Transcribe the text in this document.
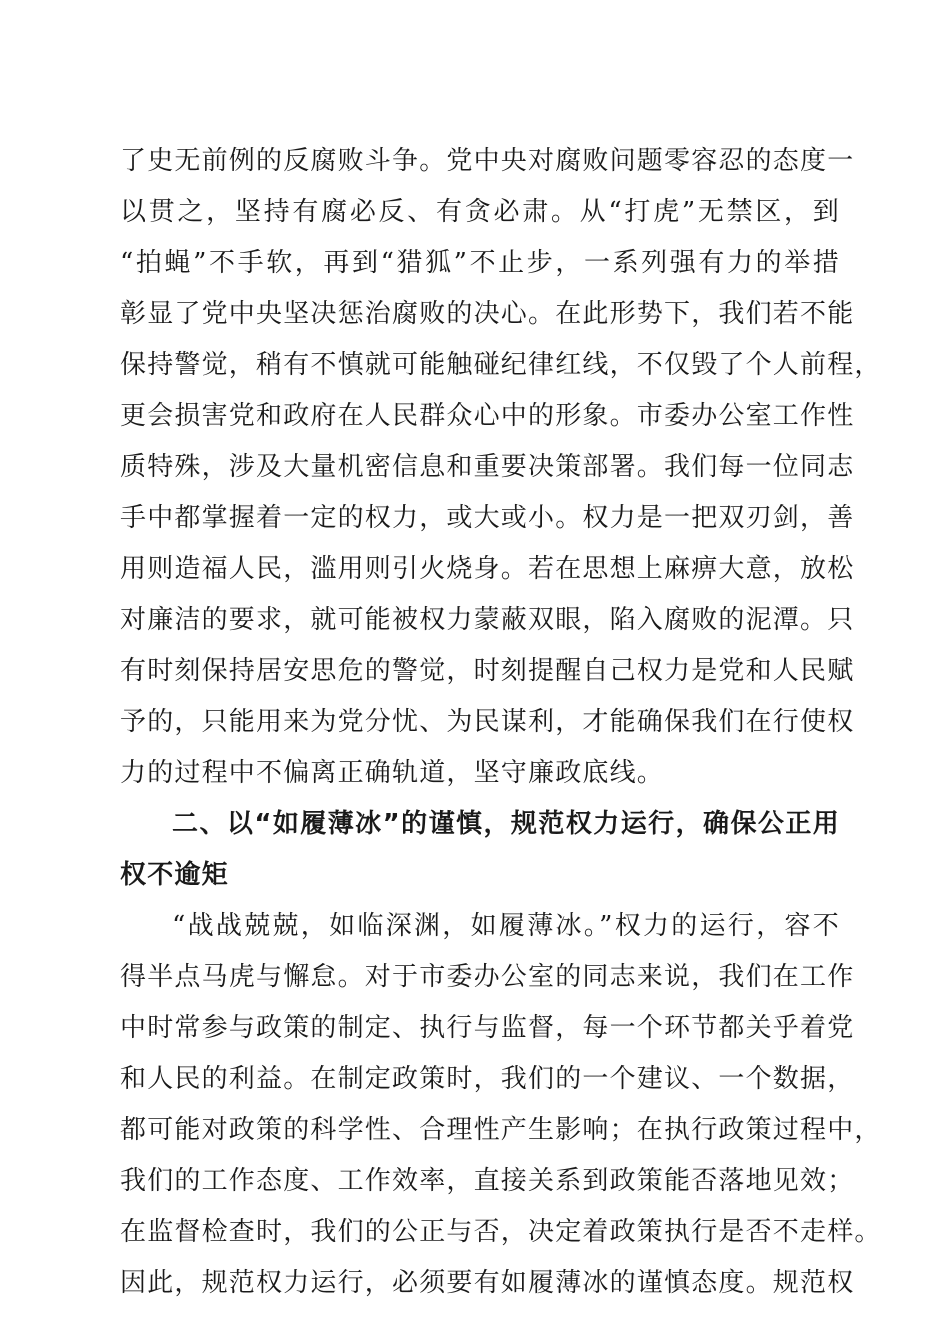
了史无前例的反腐败斗争。党中央对腐败问题零容忍的态度一
以贯之，坚持有腐必反、有贪必肃。从“打虎”无禁区，到
“拍蝇”不手软，再到“猎狐”不止步，一系列强有力的举措
彰显了党中央坚决惩治腐败的决心。在此形势下，我们若不能
保持警觉，稍有不慎就可能触碰纪律红线，不仅毁了个人前程，
更会损害党和政府在人民群众心中的形象。市委办公室工作性
质特殊，涉及大量机密信息和重要决策部署。我们每一位同志
手中都掌握着一定的权力，或大或小。权力是一把双刃剑，善
用则造福人民，滥用则引火烧身。若在思想上麻痹大意，放松
对廉洁的要求，就可能被权力蒙蔽双眼，陷入腐败的泥潭。只
有时刻保持居安思危的警觉，时刻提醒自己权力是党和人民赋
予的，只能用来为党分忧、为民谋利，才能确保我们在行使权
力的过程中不偏离正确轨道，坚守廉政底线。
二、以“如履薄冰”的谨慎，规范权力运行，确保公正用
权不逾矩
“战战兢兢，如临深渊，如履薄冰。”权力的运行，容不
得半点马虎与懈怠。对于市委办公室的同志来说，我们在工作
中时常参与政策的制定、执行与监督，每一个环节都关乎着党
和人民的利益。在制定政策时，我们的一个建议、一个数据，
都可能对政策的科学性、合理性产生影响；在执行政策过程中，
我们的工作态度、工作效率，直接关系到政策能否落地见效；
在监督检查时，我们的公正与否，决定着政策执行是否不走样。
因此，规范权力运行，必须要有如履薄冰的谨慎态度。规范权
